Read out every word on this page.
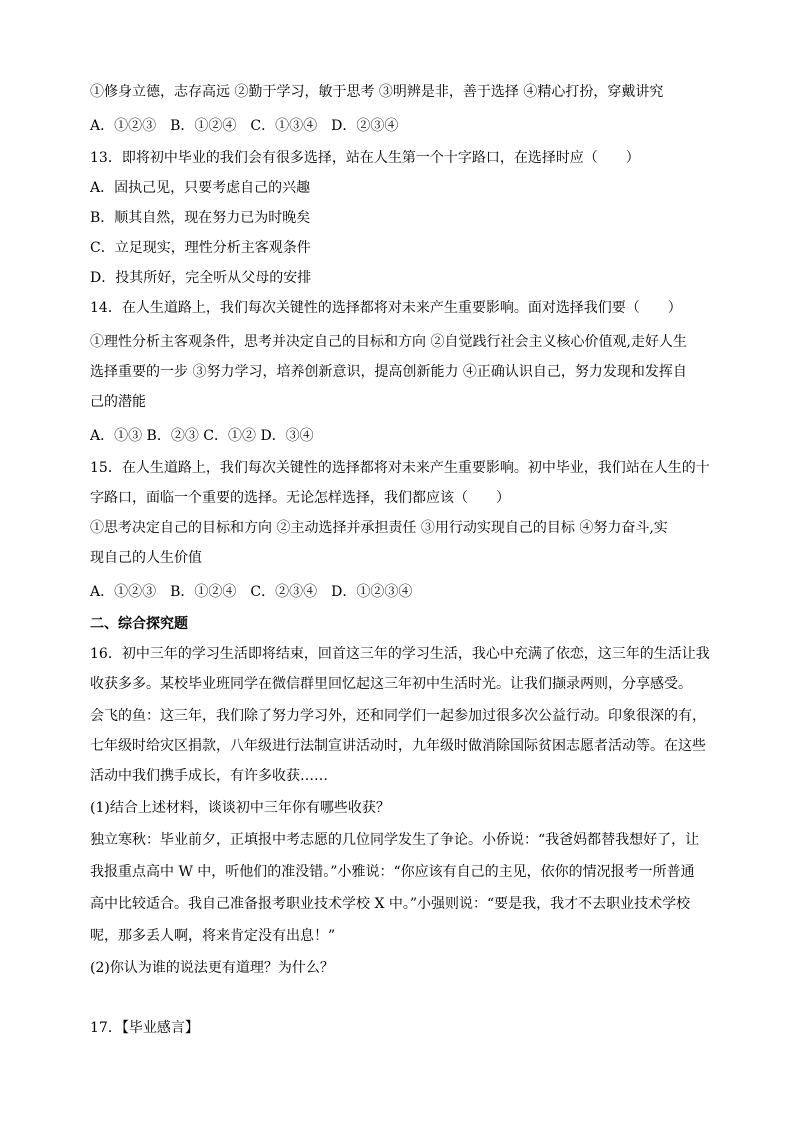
①修身立德，志存高远 ②勤于学习，敏于思考 ③明辨是非，善于选择 ④精心打扮，穿戴讲究
A．①②③　B．①②④　C．①③④　D．②③④
13．即将初中毕业的我们会有很多选择，站在人生第一个十字路口，在选择时应（　　）
A．固执己见，只要考虑自己的兴趣
B．顺其自然，现在努力已为时晚矣
C．立足现实，理性分析主客观条件
D．投其所好，完全听从父母的安排
14．在人生道路上，我们每次关键性的选择都将对未来产生重要影响。面对选择我们要（　　）
①理性分析主客观条件，思考并决定自己的目标和方向 ②自觉践行社会主义核心价值观,走好人生
选择重要的一步 ③努力学习，培养创新意识，提高创新能力 ④正确认识自己，努力发现和发挥自
己的潜能
A．①③ B．②③ C．①② D．③④
15．在人生道路上，我们每次关键性的选择都将对未来产生重要影响。初中毕业，我们站在人生的十
字路口，面临一个重要的选择。无论怎样选择，我们都应该（　　）
①思考决定自己的目标和方向 ②主动选择并承担责任 ③用行动实现自己的目标 ④努力奋斗,实
现自己的人生价值
A．①②③　B．①②④　C．②③④　D．①②③④
二、综合探究题
16．初中三年的学习生活即将结束，回首这三年的学习生活，我心中充满了依恋，这三年的生活让我
收获多多。某校毕业班同学在微信群里回忆起这三年初中生活时光。让我们撷录两则，分享感受。
会飞的鱼：这三年，我们除了努力学习外，还和同学们一起参加过很多次公益行动。印象很深的有，
七年级时给灾区捐款，八年级进行法制宣讲活动时，九年级时做消除国际贫困志愿者活动等。在这些
活动中我们携手成长，有许多收获……
(1)结合上述材料，谈谈初中三年你有哪些收获？
独立寒秋：毕业前夕，正填报中考志愿的几位同学发生了争论。小侨说：“我爸妈都替我想好了，让
我报重点高中 W 中，听他们的准没错。”小雅说：“你应该有自己的主见，依你的情况报考一所普通
高中比较适合。我自己准备报考职业技术学校 X 中。”小强则说：“要是我，我才不去职业技术学校
呢，那多丢人啊，将来肯定没有出息！”
(2)你认为谁的说法更有道理？为什么？
17．【毕业感言】
